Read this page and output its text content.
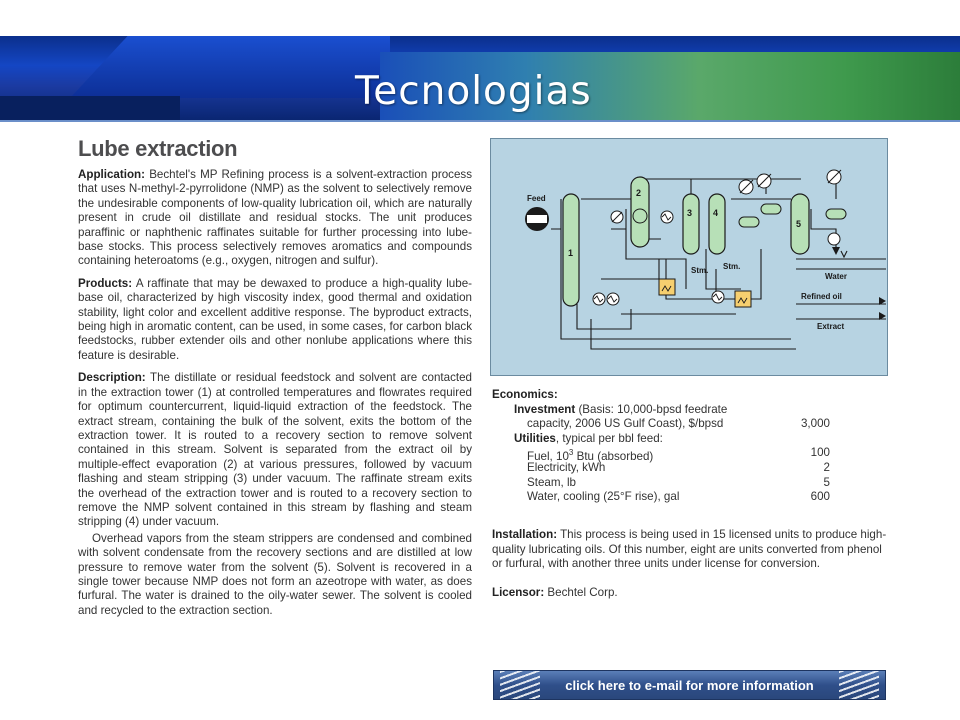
Tecnologias
Lube extraction

Application: Bechtel's MP Refining process is a solvent-extraction process that uses N-methyl-2-pyrrolidone (NMP) as the solvent to selectively remove the undesirable components of low-quality lubrication oil, which are naturally present in crude oil distillate and residual stocks. The unit produces paraffinic or naphthenic raffinates suitable for further processing into lube-base stocks. This process selectively removes aromatics and compounds containing heteroatoms (e.g., oxygen, nitrogen and sulfur).

Products: A raffinate that may be dewaxed to produce a high-quality lube-base oil, characterized by high viscosity index, good thermal and oxidation stability, light color and excellent additive response. The byproduct extracts, being high in aromatic content, can be used, in some cases, for carbon black feedstocks, rubber extender oils and other nonlube applications where this feature is desirable.

Description: The distillate or residual feedstock and solvent are contacted in the extraction tower (1) at controlled temperatures and flowrates required for optimum countercurrent, liquid-liquid extraction of the feedstock. The extract stream, containing the bulk of the solvent, exits the bottom of the extraction tower. It is routed to a recovery section to remove solvent contained in this stream. Solvent is separated from the extract oil by multiple-effect evaporation (2) at various pressures, followed by vacuum flashing and steam stripping (3) under vacuum. The raffinate stream exits the overhead of the extraction tower and is routed to a recovery section to remove the NMP solvent contained in this stream by flashing and steam stripping (4) under vacuum.

Overhead vapors from the steam strippers are condensed and combined with solvent condensate from the recovery sections and are distilled at low pressure to remove water from the solvent (5). Solvent is recovered in a single tower because NMP does not form an azeotrope with water, as does furfural. The water is drained to the oily-water sewer. The solvent is cooled and recycled to the extraction section.

Feed
1
2
3 4
5
Stm. Stm.
Water
Refined oil
Extract
Economics:
Investment (Basis: 10,000-bpsd feedrate
capacity, 2006 US Gulf Coast), $/bpsd	3,000
Utilities, typical per bbl feed:
Fuel, $10^3$ Btu (absorbed)	100
Electricity, kWh	2
Steam, lb	5
Water, cooling (25°F rise), gal	600
Installation: This process is being used in 15 licensed units to produce high-quality lubricating oils. Of this number, eight are units converted from phenol or furfural, with another three units under license for conversion.
Licensor: Bechtel Corp.
click here to e-mail for more information
